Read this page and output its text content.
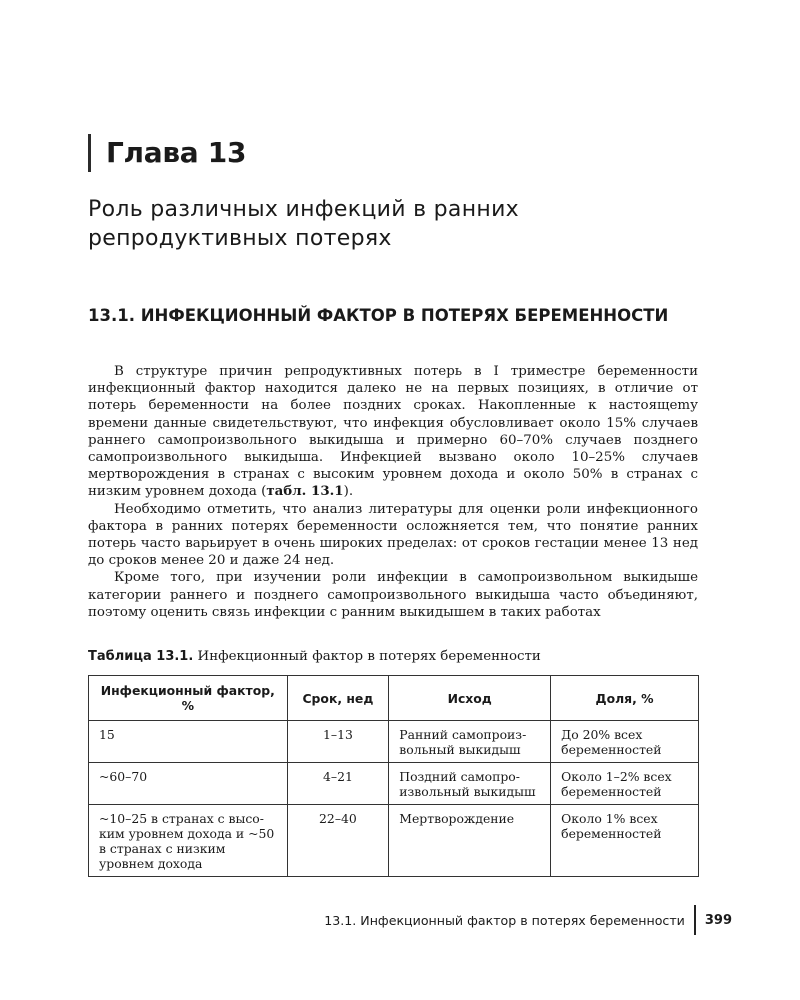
Глава 13
Роль различных инфекций в ранних репродуктивных потерях
13.1. ИНФЕКЦИОННЫЙ ФАКТОР В ПОТЕРЯХ БЕРЕМЕННОСТИ

В структуре причин репродуктивных потерь в I триместре беременности инфекционный фактор находится далеко не на первых позициях, в отличие от потерь беременности на более поздних сроках. Накопленные к настоящеmу времени данные свидетельствуют, что инфекция обусловливает около 15% случаев раннего самопроизвольного выкидыша и примерно 60–70% случаев позднего самопроизвольного выкидыша. Инфекцией вызвано около 10–25% случаев мертворождения в странах с высоким уровнем дохода и около 50% в странах с низким уровнем дохода (табл. 13.1).

Необходимо отметить, что анализ литературы для оценки роли инфекционного фактора в ранних потерях беременности осложняется тем, что понятие ранних потерь часто варьирует в очень широких пределах: от сроков гестации менее 13 нед до сроков менее 20 и даже 24 нед.

Кроме того, при изучении роли инфекции в самопроизвольном выкидыше категории раннего и позднего самопроизвольного выкидыша часто объединяют, поэтому оценить связь инфекции с ранним выкидышем в таких работах

Таблица 13.1. Инфекционный фактор в потерях беременности
Инфекционный фактор, %	Срок, нед	Исход	Доля, %
15	1–13	Ранний самопроизвольный выкидыш	До 20% всех беременностей
~60–70	4–21	Поздний самопроизвольный выкидыш	Около 1–2% всех беременностей
~10–25 в странах с высоким уровнем дохода и ~50 в странах с низким уровнем дохода	22–40	Мертворождение	Около 1% всех беременностей
13.1. Инфекционный фактор в потерях беременности	399
